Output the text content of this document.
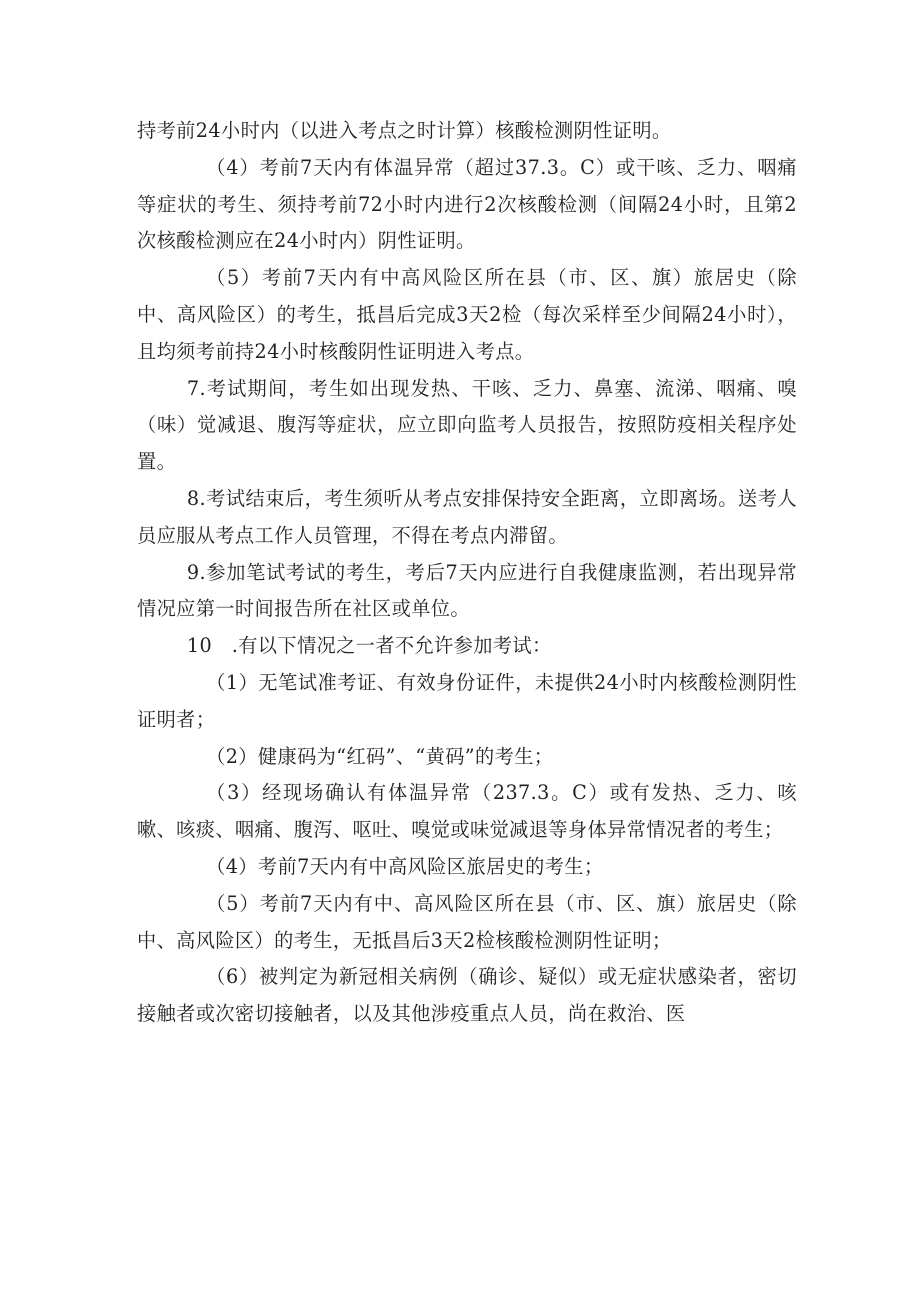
持考前24小时内（以进入考点之时计算）核酸检测阴性证明。

（4）考前7天内有体温异常（超过37.3。C）或干咳、乏力、咽痛等症状的考生、须持考前72小时内进行2次核酸检测（间隔24小时，且第2次核酸检测应在24小时内）阴性证明。

（5）考前7天内有中高风险区所在县（市、区、旗）旅居史（除中、高风险区）的考生，抵昌后完成3天2检（每次采样至少间隔24小时），且均须考前持24小时核酸阴性证明进入考点。

7.考试期间，考生如出现发热、干咳、乏力、鼻塞、流涕、咽痛、嗅（味）觉减退、腹泻等症状，应立即向监考人员报告，按照防疫相关程序处置。

8.考试结束后，考生须听从考点安排保持安全距离，立即离场。送考人员应服从考点工作人员管理，不得在考点内滞留。

9.参加笔试考试的考生，考后7天内应进行自我健康监测，若出现异常情况应第一时间报告所在社区或单位。

10　.有以下情况之一者不允许参加考试：

（1）无笔试准考证、有效身份证件，未提供24小时内核酸检测阴性证明者；

（2）健康码为“红码”、“黄码”的考生；

（3）经现场确认有体温异常（237.3。C）或有发热、乏力、咳嗽、咳痰、咽痛、腹泻、呕吐、嗅觉或味觉减退等身体异常情况者的考生；

（4）考前7天内有中高风险区旅居史的考生；

（5）考前7天内有中、高风险区所在县（市、区、旗）旅居史（除中、高风险区）的考生，无抵昌后3天2检核酸检测阴性证明；

（6）被判定为新冠相关病例（确诊、疑似）或无症状感染者，密切接触者或次密切接触者，以及其他涉疫重点人员，尚在救治、医
